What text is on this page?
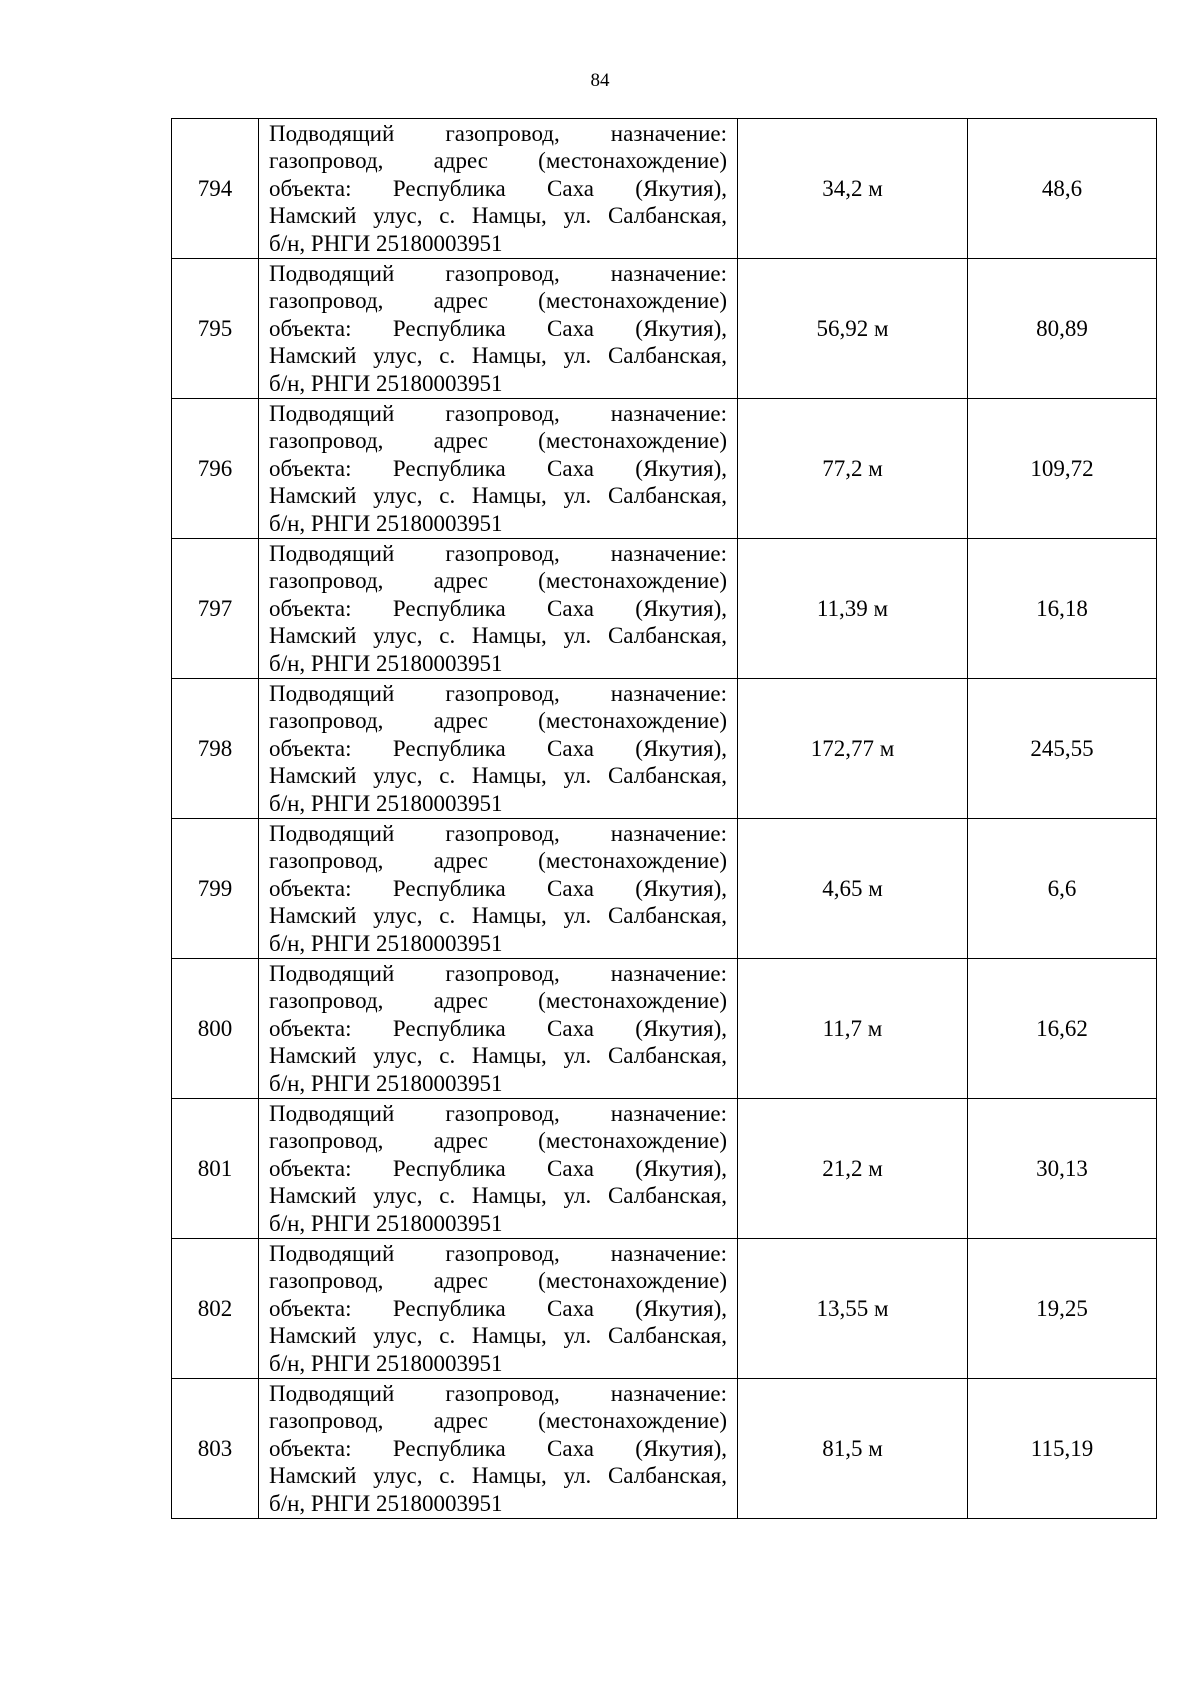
84
794	Подводящий газопровод, назначение:
газопровод, адрес (местонахождение)
объекта: Республика Саха (Якутия),
Намский улус, с. Намцы, ул. Салбанская,
б/н, РНГИ 25180003951	34,2 м	48,6
795	Подводящий газопровод, назначение:
газопровод, адрес (местонахождение)
объекта: Республика Саха (Якутия),
Намский улус, с. Намцы, ул. Салбанская,
б/н, РНГИ 25180003951	56,92 м	80,89
796	Подводящий газопровод, назначение:
газопровод, адрес (местонахождение)
объекта: Республика Саха (Якутия),
Намский улус, с. Намцы, ул. Салбанская,
б/н, РНГИ 25180003951	77,2 м	109,72
797	Подводящий газопровод, назначение:
газопровод, адрес (местонахождение)
объекта: Республика Саха (Якутия),
Намский улус, с. Намцы, ул. Салбанская,
б/н, РНГИ 25180003951	11,39 м	16,18
798	Подводящий газопровод, назначение:
газопровод, адрес (местонахождение)
объекта: Республика Саха (Якутия),
Намский улус, с. Намцы, ул. Салбанская,
б/н, РНГИ 25180003951	172,77 м	245,55
799	Подводящий газопровод, назначение:
газопровод, адрес (местонахождение)
объекта: Республика Саха (Якутия),
Намский улус, с. Намцы, ул. Салбанская,
б/н, РНГИ 25180003951	4,65 м	6,6
800	Подводящий газопровод, назначение:
газопровод, адрес (местонахождение)
объекта: Республика Саха (Якутия),
Намский улус, с. Намцы, ул. Салбанская,
б/н, РНГИ 25180003951	11,7 м	16,62
801	Подводящий газопровод, назначение:
газопровод, адрес (местонахождение)
объекта: Республика Саха (Якутия),
Намский улус, с. Намцы, ул. Салбанская,
б/н, РНГИ 25180003951	21,2 м	30,13
802	Подводящий газопровод, назначение:
газопровод, адрес (местонахождение)
объекта: Республика Саха (Якутия),
Намский улус, с. Намцы, ул. Салбанская,
б/н, РНГИ 25180003951	13,55 м	19,25
803	Подводящий газопровод, назначение:
газопровод, адрес (местонахождение)
объекта: Республика Саха (Якутия),
Намский улус, с. Намцы, ул. Салбанская,
б/н, РНГИ 25180003951	81,5 м	115,19
